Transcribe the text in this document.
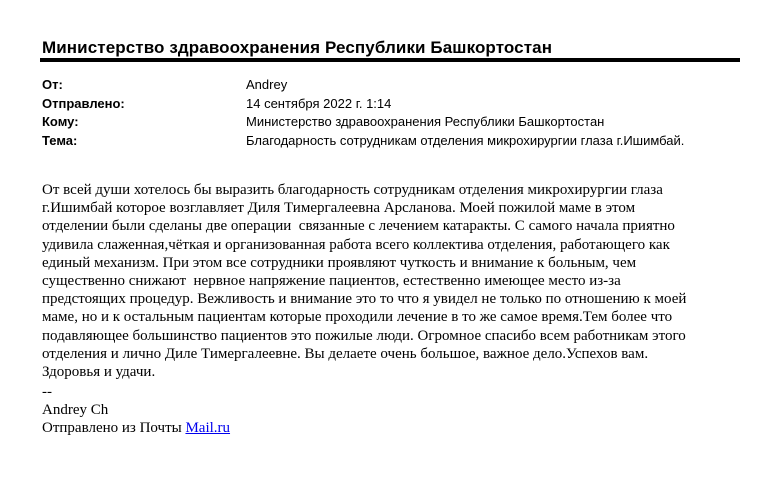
Министерство здравоохранения Республики Башкортостан
От:	Andrey
Отправлено:	14 сентября 2022 г. 1:14
Кому:	Министерство здравоохранения Республики Башкортостан
Тема:	Благодарность сотрудникам отделения микрохирургии глаза г.Ишимбай.

От всей души хотелось бы выразить благодарность сотрудникам отделения микрохирургии глаза

г.Ишимбай которое возглавляет Диля Тимергалеевна Арсланова. Моей пожилой маме в этом

отделении были сделаны две операции  связанные с лечением катаракты. С самого начала приятно

удивила слаженная,чёткая и организованная работа всего коллектива отделения, работающего как

единый механизм. При этом все сотрудники проявляют чуткость и внимание к больным, чем

существенно снижают  нервное напряжение пациентов, естественно имеющее место из-за

предстоящих процедур. Вежливость и внимание это то что я увидел не только по отношению к моей

маме, но и к остальным пациентам которые проходили лечение в то же самое время.Тем более что

подавляющее большинство пациентов это пожилые люди. Огромное спасибо всем работникам этого

отделения и лично Диле Тимергалеевне. Вы делаете очень большое, важное дело.Успехов вам.

Здоровья и удачи.

--
Andrey Ch
Отправлено из Почты Mail.ru
